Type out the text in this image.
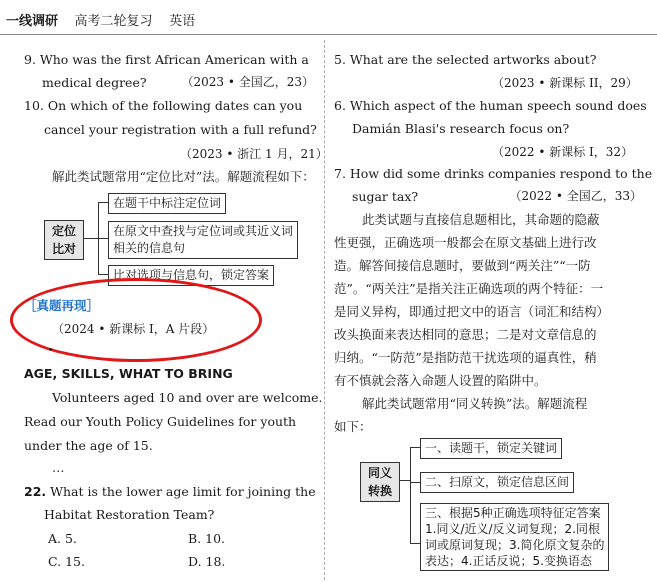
一线调研 高考二轮复习 英语
9. Who was the first African American with a
medical degree?	（2023 • 全国乙，23）
10. On which of the following dates can you
cancel your registration with a full refund?
（2023 • 浙江 1 月，21）
解此类试题常用“定位比对”法。解题流程如下：
定位
比对
在题干中标注定位词
在原文中查找与定位词或其近义词
相关的信息句
比对选项与信息句，锁定答案
［真题再现］
（2024 • 新课标 I，A 片段）
•
AGE, SKILLS, WHAT TO BRING
Volunteers aged 10 and over are welcome.
Read our Youth Policy Guidelines for youth
under the age of 15.
…
22. What is the lower age limit for joining the
Habitat Restoration Team?
A. 5.	B. 10.
C. 15.	D. 18.
5. What are the selected artworks about?
（2023 • 新课标 II，29）
6. Which aspect of the human speech sound does
Damián Blasi's research focus on?
（2022 • 新课标 I，32）
7. How did some drinks companies respond to the
sugar tax?	（2022 • 全国乙，33）
此类试题与直接信息题相比，其命题的隐蔽
性更强，正确选项一般都会在原文基础上进行改
造。解答间接信息题时，要做到“两关注”“一防
范”。“两关注”是指关注正确选项的两个特征：一
是同义异构，即通过把文中的语言（词汇和结构）
改头换面来表达相同的意思；二是对文章信息的
归纳。“一防范”是指防范干扰选项的逼真性，稍
有不慎就会落入命题人设置的陷阱中。
解此类试题常用“同义转换”法。解题流程
如下：
同义
转换
一、读题干，锁定关键词
二、扫原文，锁定信息区间
三、根据5种正确选项特征定答案
1.同义/近义/反义词复现；2.同根
词或原词复现；3.简化原文复杂的
表达；4.正话反说；5.变换语态
